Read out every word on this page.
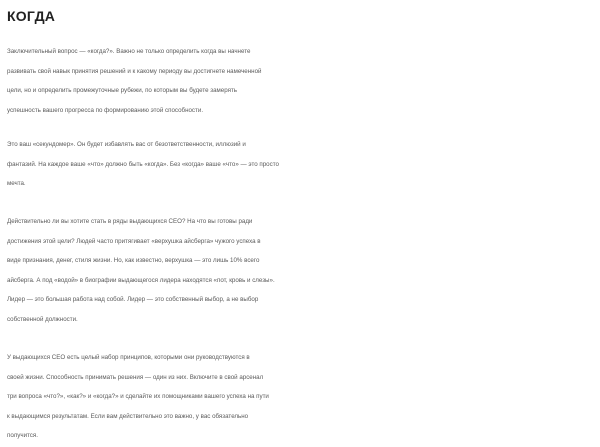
КОГДА

Заключительный вопрос — «когда?». Важно не только определить когда вы начнете
развивать свой навык принятия решений и к какому периоду вы достигнете намеченной
цели, но и определить промежуточные рубежи, по которым вы будете замерять
успешность вашего прогресса по формированию этой способности.

Это ваш «секундомер». Он будет избавлять вас от безответственности, иллюзий и
фантазий. На каждое ваше «что» должно быть «когда». Без «когда» ваше «что» — это просто
мечта.

Действительно ли вы хотите стать в ряды выдающихся CEO? На что вы готовы ради
достижения этой цели? Людей часто притягивает «верхушка айсберга» чужого успеха в
виде признания, денег, стиля жизни. Но, как известно, верхушка — это лишь 10% всего
айсберга. А под «водой» в биографии выдающегося лидера находятся «пот, кровь и слезы».
Лидер — это большая работа над собой. Лидер — это собственный выбор, а не выбор
собственной должности.

У выдающихся CEO есть целый набор принципов, которыми они руководствуются в
своей жизни. Способность принимать решения — один из них. Включите в свой арсенал
три вопроса «что?», «как?» и «когда?» и сделайте их помощниками вашего успеха на пути
к выдающимся результатам. Если вам действительно это важно, у вас обязательно
получится.
